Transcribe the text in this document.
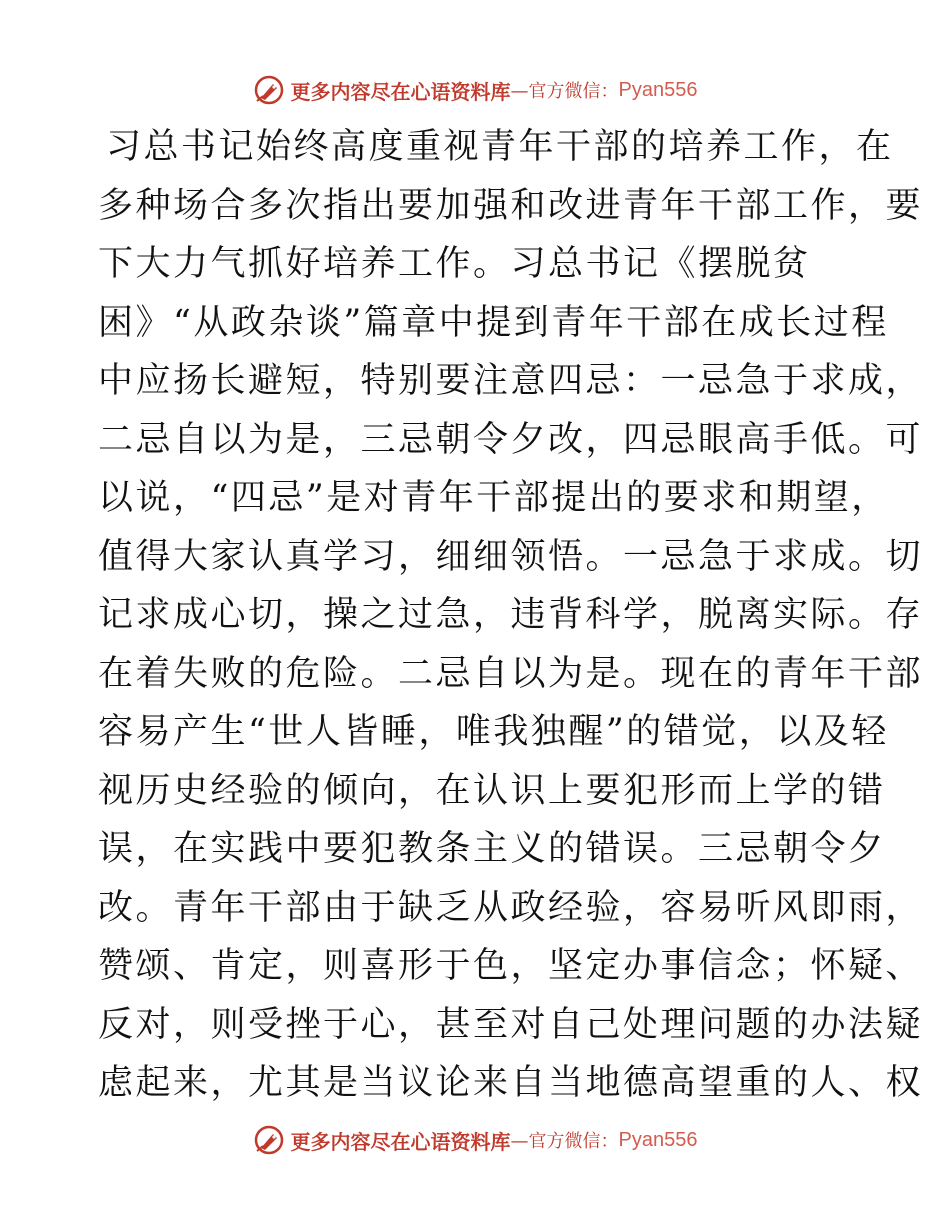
更多内容尽在心语资料库 —官方微信： Pyan556
习总书记始终高度重视青年干部的培养工作，在
多种场合多次指出要加强和改进青年干部工作，要
下大力气抓好培养工作。习总书记《摆脱贫
困》“从政杂谈”篇章中提到青年干部在成长过程
中应扬长避短，特别要注意四忌：一忌急于求成，
二忌自以为是，三忌朝令夕改，四忌眼高手低。可
以说，“四忌”是对青年干部提出的要求和期望，
值得大家认真学习，细细领悟。一忌急于求成。切
记求成心切，操之过急，违背科学，脱离实际。存
在着失败的危险。二忌自以为是。现在的青年干部
容易产生“世人皆睡，唯我独醒”的错觉，以及轻
视历史经验的倾向，在认识上要犯形而上学的错
误，在实践中要犯教条主义的错误。三忌朝令夕
改。青年干部由于缺乏从政经验，容易听风即雨，
赞颂、肯定，则喜形于色，坚定办事信念；怀疑、
反对，则受挫于心，甚至对自己处理问题的办法疑
虑起来，尤其是当议论来自当地德高望重的人、权
更多内容尽在心语资料库 —官方微信： Pyan556
